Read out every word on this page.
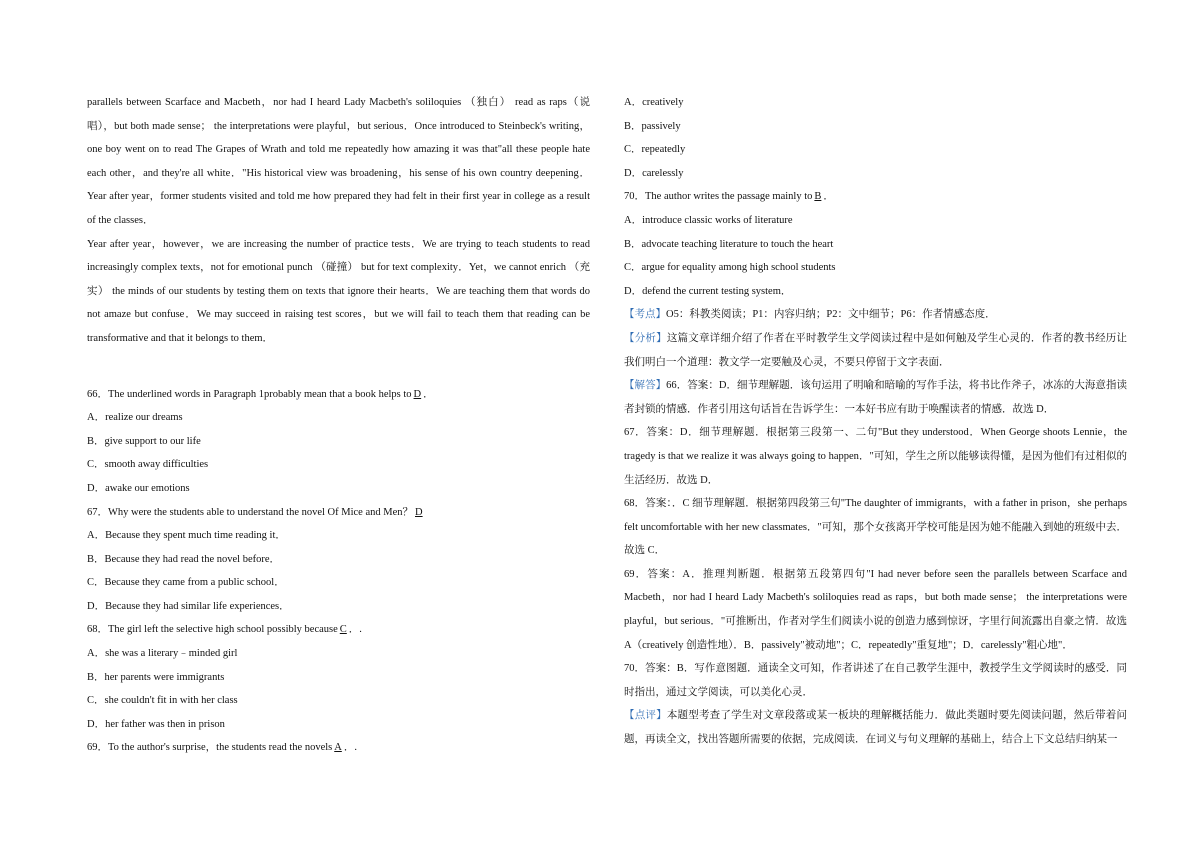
parallels between Scarface and Macbeth，nor had I heard Lady Macbeth's soliloquies （独白） read as raps（说唱），but both made sense； the interpretations were playful，but serious．Once introduced to Steinbeck's writing，one boy went on to read The Grapes of Wrath and told me repeatedly how amazing it was that"all these people hate each other，and they're all white．"His historical view was broadening，his sense of his own country deepening．Year after year，former students visited and told me how prepared they had felt in their first year in college as a result of the classes．

Year after year，however，we are increasing the number of practice tests．We are trying to teach students to read increasingly complex texts，not for emotional punch （碰撞） but for text complexity．Yet，we cannot enrich （充实） the minds of our students by testing them on texts that ignore their hearts．We are teaching them that words do not amaze but confuse．We may succeed in raising test scores，but we will fail to teach them that reading can be transformative and that it belongs to them．

66．The underlined words in Paragraph 1probably mean that a book helps to D ．

A．realize our dreams

B．give support to our life

C．smooth away difficulties

D．awake our emotions

67．Why were the students able to understand the novel Of Mice and Men？ D

A．Because they spent much time reading it．

B．Because they had read the novel before．

C．Because they came from a public school．

D．Because they had similar life experiences．

68．The girl left the selective high school possibly because C ．.

A．she was a literary﹣minded girl

B．her parents were immigrants

C．she couldn't fit in with her class

D．her father was then in prison

69．To the author's surprise，the students read the novels A ．.

A．creatively

B．passively

C．repeatedly

D．carelessly

70．The author writes the passage mainly to B ．

A．introduce classic works of literature

B．advocate teaching literature to touch the heart

C．argue for equality among high school students

D．defend the current testing system．

【考点】O5：科教类阅读；P1：内容归纳；P2：文中细节；P6：作者情感态度．

【分析】这篇文章详细介绍了作者在平时教学生文学阅读过程中是如何触及学生心灵的．作者的教书经历让我们明白一个道理：教文学一定要触及心灵，不要只停留于文字表面．

【解答】66．答案：D．细节理解题．该句运用了明喻和暗喻的写作手法，将书比作斧子，冰冻的大海意指读者封锁的情感．作者引用这句话旨在告诉学生：一本好书应有助于唤醒读者的情感．故选 D．

67．答案：D．细节理解题．根据第三段第一、二句"But they understood．When George shoots Lennie，the tragedy is that we realize it was always going to happen．"可知，学生之所以能够读得懂，是因为他们有过相似的生活经历．故选 D．

68．答案：．C 细节理解题．根据第四段第三句"The daughter of immigrants，with a father in prison，she perhaps felt uncomfortable with her new classmates．"可知，那个女孩离开学校可能是因为她不能融入到她的班级中去．故选 C．

69．答案：A．推理判断题．根据第五段第四句"I had never before seen the parallels between Scarface and Macbeth，nor had I heard Lady Macbeth's soliloquies read as raps，but both made sense； the interpretations were playful，but serious．"可推断出，作者对学生们阅读小说的创造力感到惊讶，字里行间流露出自豪之情．故选 A（creatively 创造性地）．B．passively"被动地"；C．repeatedly"重复地"；D．carelessly"粗心地"．

70．答案：B．写作意图题．通读全文可知，作者讲述了在自己教学生涯中，教授学生文学阅读时的感受．同时指出，通过文学阅读，可以美化心灵．

【点评】本题型考查了学生对文章段落或某一板块的理解概括能力．做此类题时要先阅读问题，然后带着问题，再读全文，找出答题所需要的依据，完成阅读．在词义与句义理解的基础上，结合上下文总结归纳某一
